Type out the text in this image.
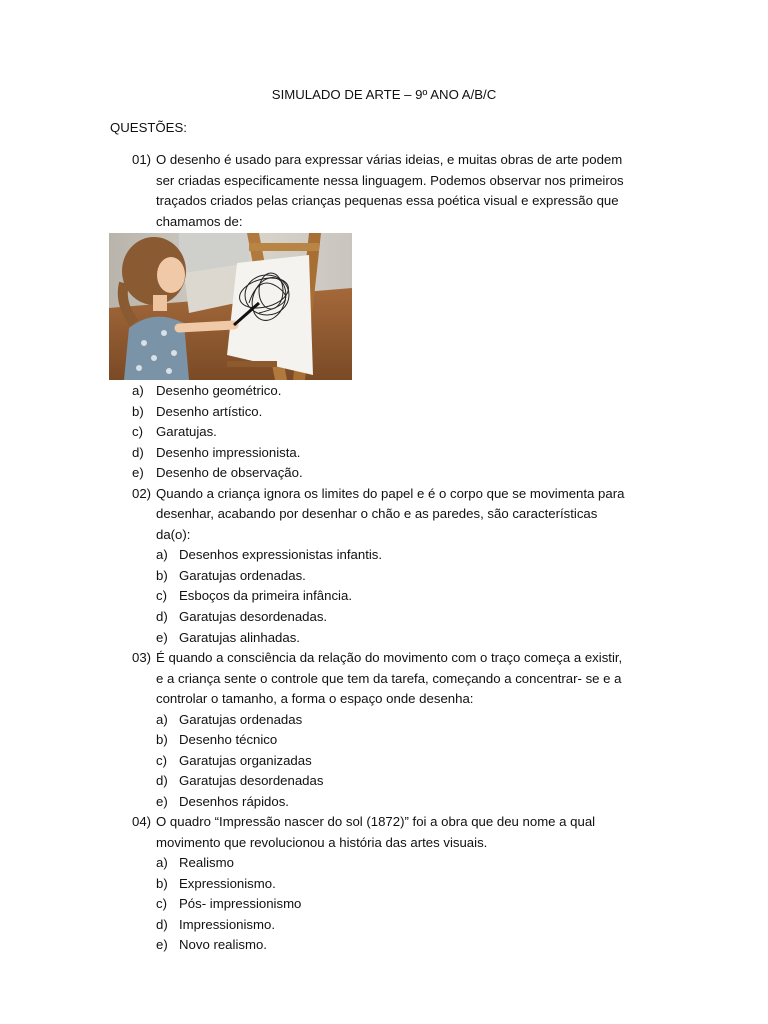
SIMULADO DE ARTE – 9º ANO A/B/C
QUESTÕES:
01) O desenho é usado para expressar várias ideias, e muitas obras de arte podem
ser criadas especificamente nessa linguagem. Podemos observar nos primeiros
traçados criados pelas crianças pequenas essa poética visual e expressão que
chamamos de:
a) Desenho geométrico.
b) Desenho artístico.
c) Garatujas.
d) Desenho impressionista.
e) Desenho de observação.
02) Quando a criança ignora os limites do papel e é o corpo que se movimenta para
desenhar, acabando por desenhar o chão e as paredes, são características
da(o):
a) Desenhos expressionistas infantis.
b) Garatujas ordenadas.
c) Esboços da primeira infância.
d) Garatujas desordenadas.
e) Garatujas alinhadas.
03) É quando a consciência da relação do movimento com o traço começa a existir,
e a criança sente o controle que tem da tarefa, começando a concentrar- se e a
controlar o tamanho, a forma o espaço onde desenha:
a) Garatujas ordenadas
b) Desenho técnico
c) Garatujas organizadas
d) Garatujas desordenadas
e) Desenhos rápidos.
04) O quadro “Impressão nascer do sol (1872)” foi a obra que deu nome a qual
movimento que revolucionou a história das artes visuais.
a) Realismo
b) Expressionismo.
c) Pós- impressionismo
d) Impressionismo.
e) Novo realismo.
